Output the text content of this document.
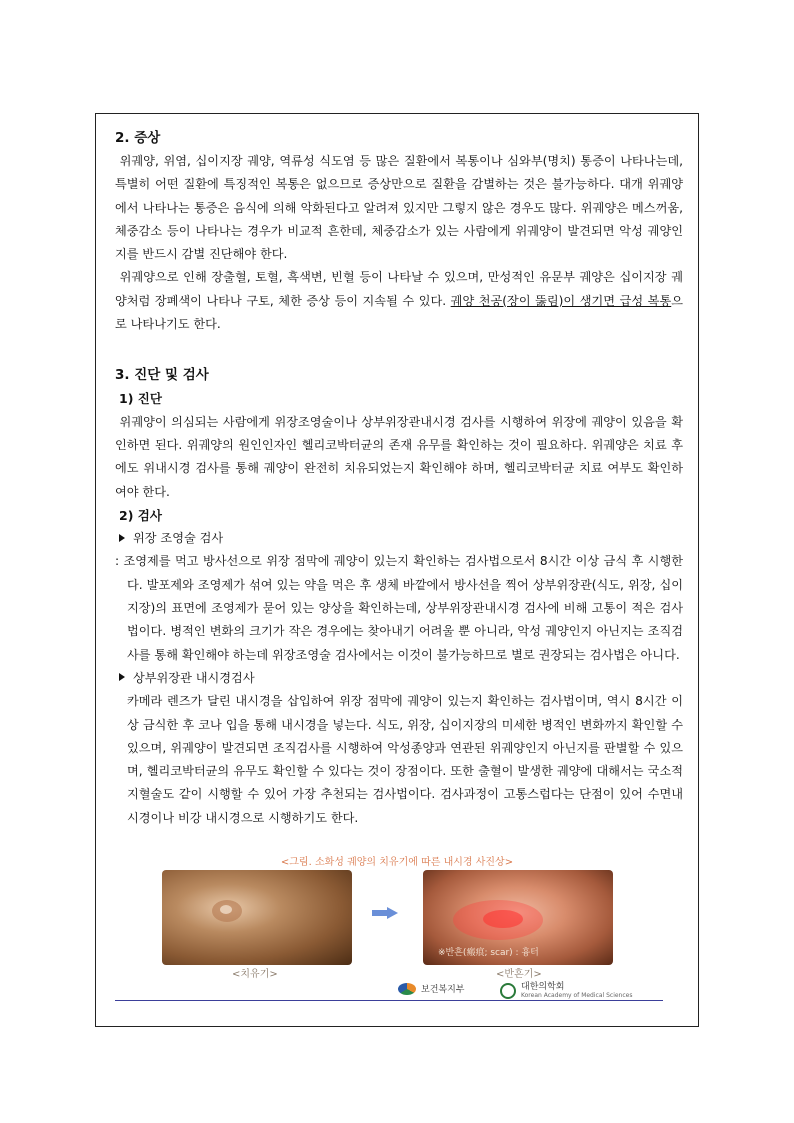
2. 증상

위궤양, 위염, 십이지장 궤양, 역류성 식도염 등 많은 질환에서 복통이나 심와부(명치) 통증이 나타나는데, 특별히 어떤 질환에 특징적인 복통은 없으므로 증상만으로 질환을 감별하는 것은 불가능하다. 대개 위궤양에서 나타나는 통증은 음식에 의해 악화된다고 알려져 있지만 그렇지 않은 경우도 많다. 위궤양은 메스꺼움, 체중감소 등이 나타나는 경우가 비교적 흔한데, 체중감소가 있는 사람에게 위궤양이 발견되면 악성 궤양인지를 반드시 감별 진단해야 한다.

위궤양으로 인해 장출혈, 토혈, 흑색변, 빈혈 등이 나타날 수 있으며, 만성적인 유문부 궤양은 십이지장 궤양처럼 장폐색이 나타나 구토, 체한 증상 등이 지속될 수 있다. 궤양 천공(장이 뚫림)이 생기면 급성 복통으로 나타나기도 한다.

3. 진단 및 검사
1) 진단

위궤양이 의심되는 사람에게 위장조영술이나 상부위장관내시경 검사를 시행하여 위장에 궤양이 있음을 확인하면 된다. 위궤양의 원인인자인 헬리코박터균의 존재 유무를 확인하는 것이 필요하다. 위궤양은 치료 후에도 위내시경 검사를 통해 궤양이 완전히 치유되었는지 확인해야 하며, 헬리코박터균 치료 여부도 확인하여야 한다.

2) 검사
위장 조영술 검사

: 조영제를 먹고 방사선으로 위장 점막에 궤양이 있는지 확인하는 검사법으로서 8시간 이상 금식 후 시행한다. 발포제와 조영제가 섞여 있는 약을 먹은 후 생체 바깥에서 방사선을 찍어 상부위장관(식도, 위장, 십이지장)의 표면에 조영제가 묻어 있는 양상을 확인하는데, 상부위장관내시경 검사에 비해 고통이 적은 검사법이다. 병적인 변화의 크기가 작은 경우에는 찾아내기 어려울 뿐 아니라, 악성 궤양인지 아닌지는 조직검사를 통해 확인해야 하는데 위장조영술 검사에서는 이것이 불가능하므로 별로 권장되는 검사법은 아니다.

상부위장관 내시경검사

카메라 렌즈가 달린 내시경을 삽입하여 위장 점막에 궤양이 있는지 확인하는 검사법이며, 역시 8시간 이상 금식한 후 코나 입을 통해 내시경을 넣는다. 식도, 위장, 십이지장의 미세한 병적인 변화까지 확인할 수 있으며, 위궤양이 발견되면 조직검사를 시행하여 악성종양과 연관된 위궤양인지 아닌지를 판별할 수 있으며, 헬리코박터균의 유무도 확인할 수 있다는 것이 장점이다. 또한 출혈이 발생한 궤양에 대해서는 국소적 지혈술도 같이 시행할 수 있어 가장 추천되는 검사법이다. 검사과정이 고통스럽다는 단점이 있어 수면내시경이나 비강 내시경으로 시행하기도 한다.

<그림. 소화성 궤양의 치유기에 따른 내시경 사진상>
※반흔(瘢痕; scar) : 흉터
<치유기>	<반흔기>
보건복지부	대한의학회
Korean Academy of Medical Sciences
